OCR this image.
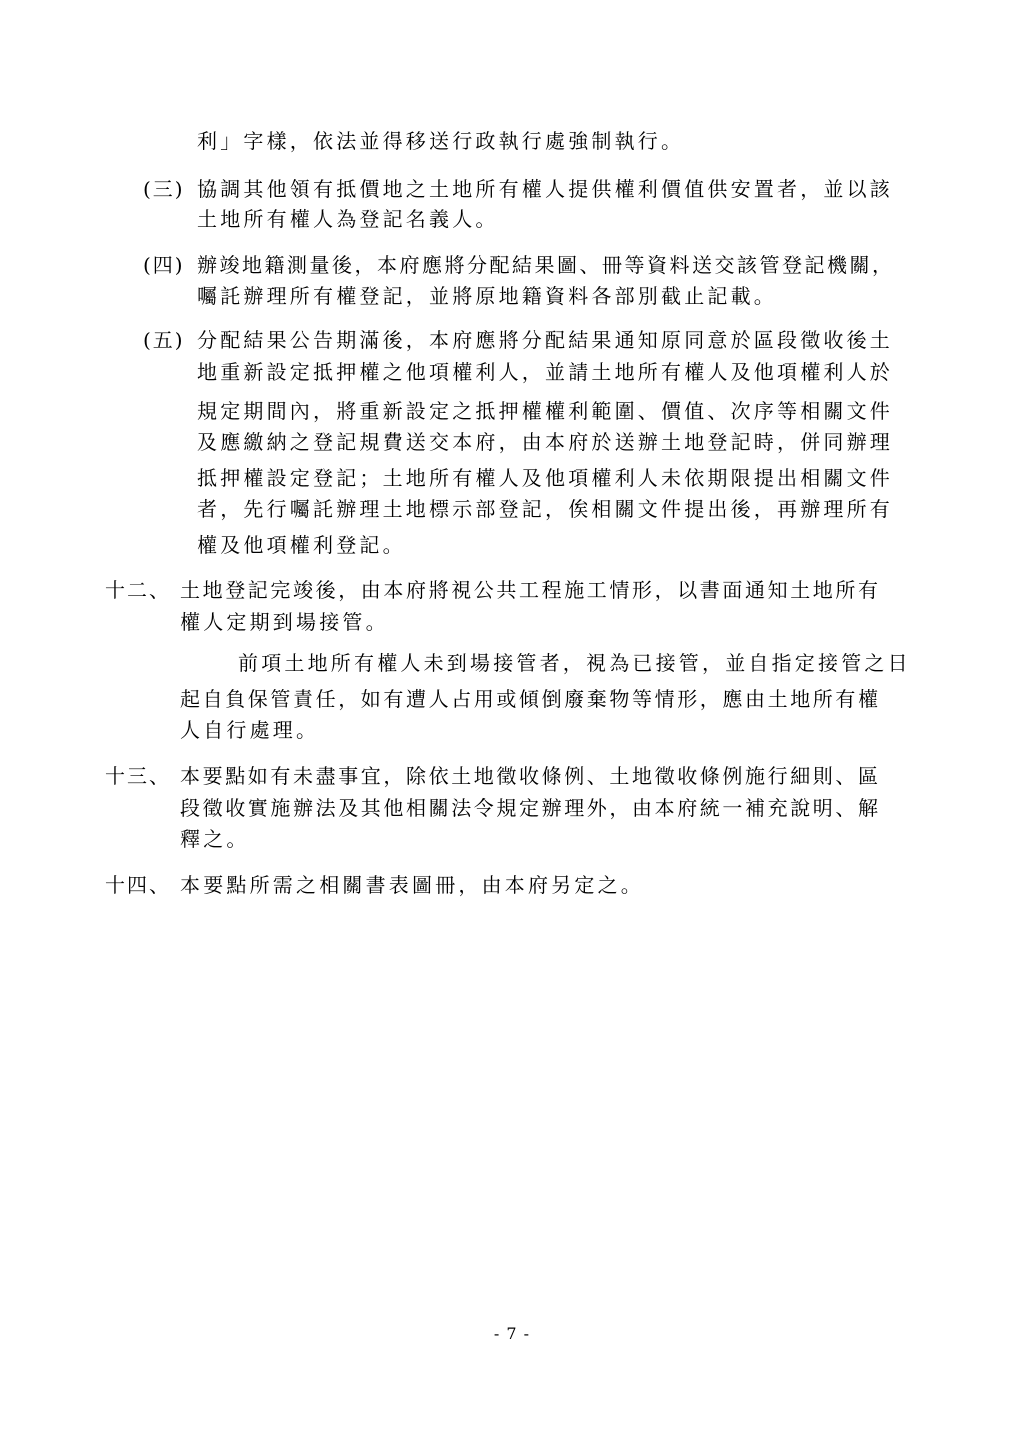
利」字樣，依法並得移送行政執行處強制執行。
(三) 協調其他領有抵價地之土地所有權人提供權利價值供安置者，並以該
土地所有權人為登記名義人。
(四) 辦竣地籍測量後，本府應將分配結果圖、冊等資料送交該管登記機關，
囑託辦理所有權登記，並將原地籍資料各部別截止記載。
(五) 分配結果公告期滿後，本府應將分配結果通知原同意於區段徵收後土
地重新設定抵押權之他項權利人，並請土地所有權人及他項權利人於
規定期間內，將重新設定之抵押權權利範圍、價值、次序等相關文件
及應繳納之登記規費送交本府，由本府於送辦土地登記時，併同辦理
抵押權設定登記；土地所有權人及他項權利人未依期限提出相關文件
者，先行囑託辦理土地標示部登記，俟相關文件提出後，再辦理所有
權及他項權利登記。
十二、 土地登記完竣後，由本府將視公共工程施工情形，以書面通知土地所有
權人定期到場接管。
前項土地所有權人未到場接管者，視為已接管，並自指定接管之日
起自負保管責任，如有遭人占用或傾倒廢棄物等情形，應由土地所有權
人自行處理。
十三、 本要點如有未盡事宜，除依土地徵收條例、土地徵收條例施行細則、區
段徵收實施辦法及其他相關法令規定辦理外，由本府統一補充說明、解
釋之。
十四、 本要點所需之相關書表圖冊，由本府另定之。
- 7 -
